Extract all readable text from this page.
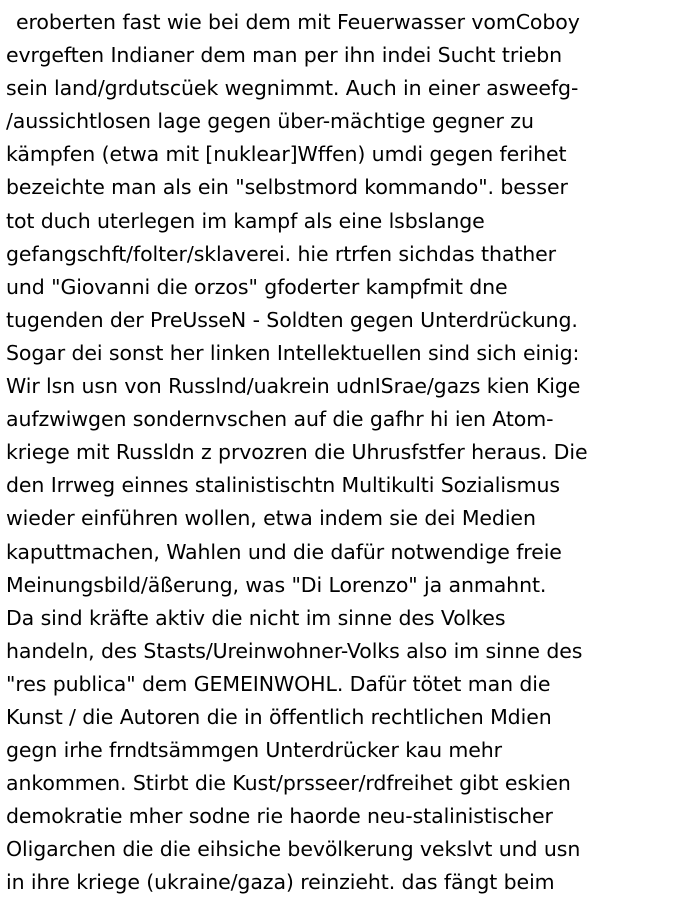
eroberten fast wie bei dem mit Feuerwasser vomCoboy
evrgeften Indianer dem man per ihn indei Sucht triebn
sein land/grdutscüek wegnimmt. Auch in einer asweefg-
/aussichtlosen lage gegen über-mächtige gegner zu
kämpfen (etwa mit [nuklear]Wffen) umdi gegen ferihet
bezeichte man als ein "selbstmord kommando". besser
tot duch uterlegen im kampf als eine lsbslange
gefangschft/folter/sklaverei. hie rtrfen sichdas thather
und "Giovanni die orzos" gfoderter kampfmit dne
tugenden der PreUsseN - Soldten gegen Unterdrückung.
Sogar dei sonst her linken Intellektuellen sind sich einig:
Wir lsn usn von Russlnd/uakrein udnISrae/gazs kien Kige
aufzwiwgen sondernvschen auf die gafhr hi ien Atom-
kriege mit Russldn z prvozren die Uhrusfstfer heraus. Die
den Irrweg einnes stalinistischtn Multikulti Sozialismus
wieder einführen wollen, etwa indem sie dei Medien
kaputtmachen, Wahlen und die dafür notwendige freie
Meinungsbild/äßerung, was "Di Lorenzo" ja anmahnt.
Da sind kräfte aktiv die nicht im sinne des Volkes
handeln, des Stasts/Ureinwohner-Volks also im sinne des
"res publica" dem GEMEINWOHL. Dafür tötet man die
Kunst / die Autoren die in öffentlich rechtlichen Mdien
gegn irhe frndtsämmgen Unterdrücker kau mehr
ankommen. Stirbt die Kust/prsseer/rdfreihet gibt eskien
demokratie mher sodne rie haorde neu-stalinistischer
Oligarchen die die eihsiche bevölkerung vekslvt und usn
in ihre kriege (ukraine/gaza) reinzieht. das fängt beim
